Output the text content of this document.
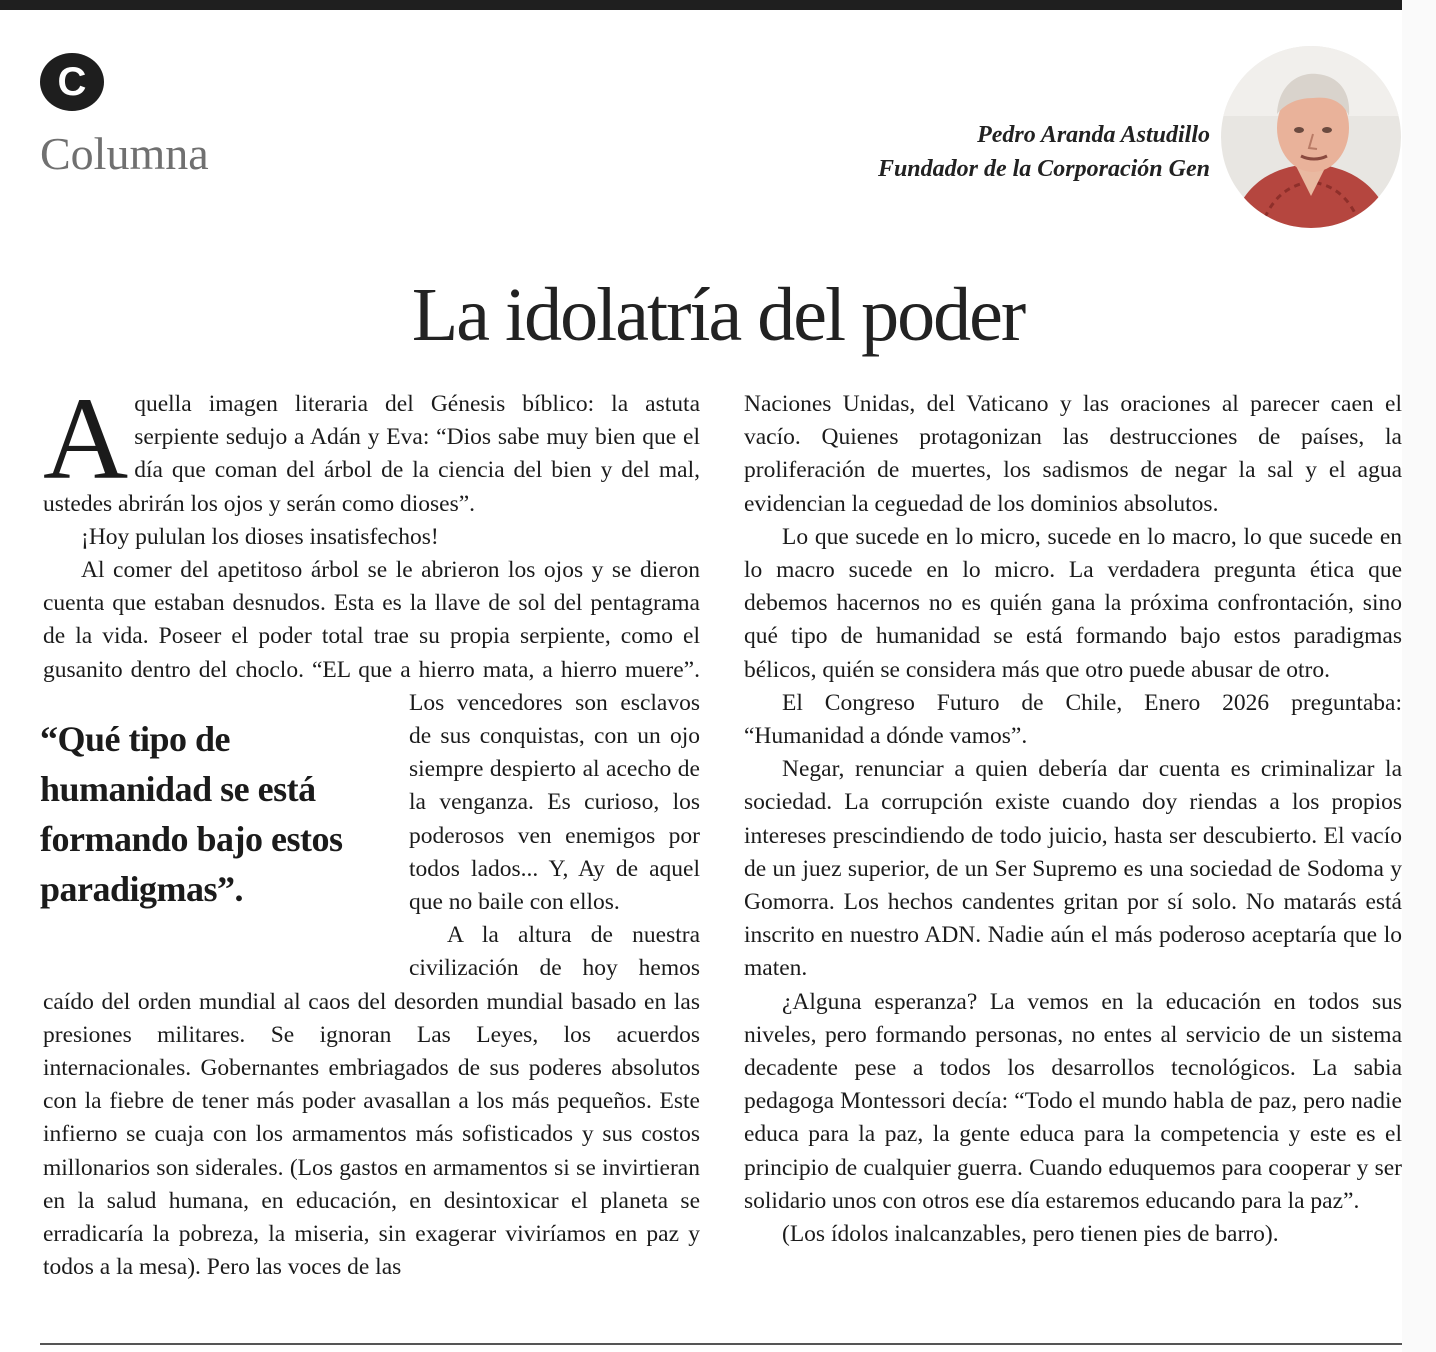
C
Columna	Pedro Aranda Astudillo
Fundador de la Corporación Gen
La idolatría del poder

Aquella imagen literaria del Génesis bíblico: la astuta serpiente sedujo a Adán y Eva: “Dios sabe muy bien que el día que coman del árbol de la ciencia del bien y del mal, ustedes abrirán los ojos y serán como dioses”.

¡Hoy pululan los dioses insatisfechos!

Al comer del apetitoso árbol se le abrieron los ojos y se dieron cuenta que estaban desnudos. Esta es la llave de sol del pentagrama de la vida. Poseer el poder total trae su propia serpiente, como el gusanito dentro del choclo. “EL que a hierro mata, a hierro muere”. Los vencedores son esclavos de sus conquistas, con un ojo siempre despierto al acecho de la venganza. Es curioso, los poderosos ven enemigos por todos lados... Y, Ay de aquel que no baile con ellos.

A la altura de nuestra civilización de hoy hemos caído del orden mundial al caos del desorden mundial basado en las presiones militares. Se ignoran Las Leyes, los acuerdos internacionales. Gobernantes embriagados de sus poderes absolutos con la fiebre de tener más poder avasallan a los más pequeños. Este infierno se cuaja con los armamentos más sofisticados y sus costos millonarios son siderales. (Los gastos en armamentos si se invirtieran en la salud humana, en educación, en desintoxicar el planeta se erradicaría la pobreza, la miseria, sin exagerar viviríamos en paz y todos a la mesa). Pero las voces de las

Naciones Unidas, del Vaticano y las oraciones al parecer caen el vacío. Quienes protagonizan las destrucciones de países, la proliferación de muertes, los sadismos de negar la sal y el agua evidencian la ceguedad de los dominios absolutos.

Lo que sucede en lo micro, sucede en lo macro, lo que sucede en lo macro sucede en lo micro. La verdadera pregunta ética que debemos hacernos no es quién gana la próxima confrontación, sino qué tipo de humanidad se está formando bajo estos paradigmas bélicos, quién se considera más que otro puede abusar de otro.

El Congreso Futuro de Chile, Enero 2026 preguntaba: “Humanidad a dónde vamos”.

Negar, renunciar a quien debería dar cuenta es criminalizar la sociedad. La corrupción existe cuando doy riendas a los propios intereses prescindiendo de todo juicio, hasta ser descubierto. El vacío de un juez superior, de un Ser Supremo es una sociedad de Sodoma y Gomorra. Los hechos candentes gritan por sí solo. No matarás está inscrito en nuestro ADN. Nadie aún el más poderoso aceptaría que lo maten.

¿Alguna esperanza? La vemos en la educación en todos sus niveles, pero formando personas, no entes al servicio de un sistema decadente pese a todos los desarrollos tecnológicos. La sabia pedagoga Montessori decía: “Todo el mundo habla de paz, pero nadie educa para la paz, la gente educa para la competencia y este es el principio de cualquier guerra. Cuando eduquemos para cooperar y ser solidario unos con otros ese día estaremos educando para la paz”.

(Los ídolos inalcanzables, pero tienen pies de barro).

“Qué tipo de humanidad se está formando bajo estos paradigmas”.
